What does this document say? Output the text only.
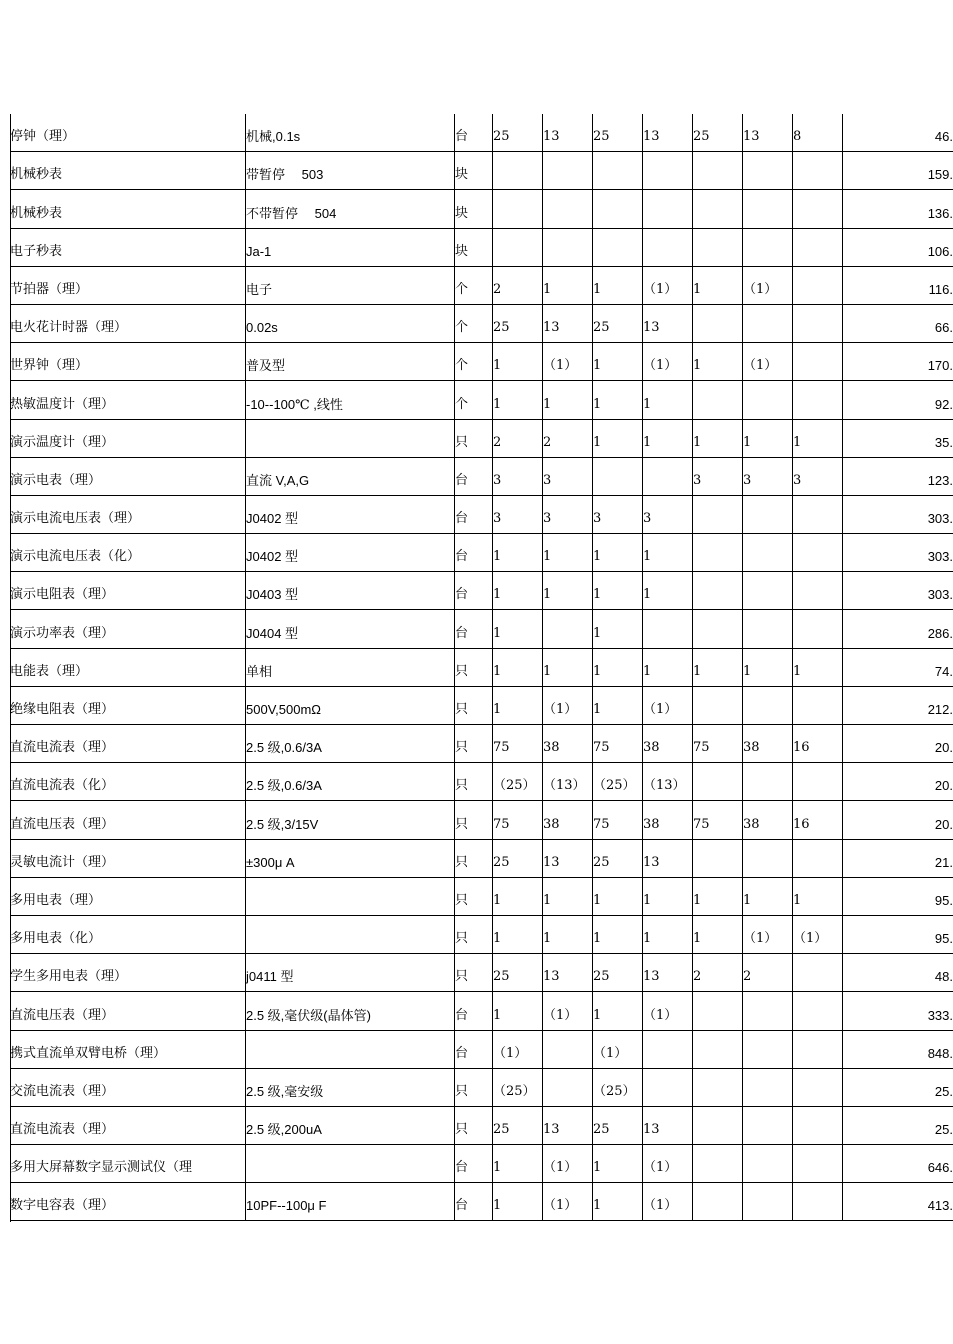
停钟（理）	机械,0.1s	台	25	13	25	13	25	13	8	46.

机械秒表	带暂停　 503	块								159.

机械秒表	不带暂停　 504	块								136.

电子秒表	Ja-1	块								106.

节拍器（理）	电子	个	2	1	1	（1）	1	（1）		116.

电火花计时器（理）	0.02s	个	25	13	25	13				66.

世界钟（理）	普及型	个	1	（1）	1	（1）	1	（1）		170.

热敏温度计（理）	-10--100℃ ,线性	个	1	1	1	1				92.

演示温度计（理）		只	2	2	1	1	1	1	1	35.

演示电表（理）	直流 V,A,G	台	3	3			3	3	3	123.

演示电流电压表（理）	J0402 型	台	3	3	3	3				303.

演示电流电压表（化）	J0402 型	台	1	1	1	1				303.

演示电阻表（理）	J0403 型	台	1	1	1	1				303.

演示功率表（理）	J0404 型	台	1		1					286.

电能表（理）	单相	只	1	1	1	1	1	1	1	74.

绝缘电阻表（理）	500V,500mΩ	只	1	（1）	1	（1）				212.

直流电流表（理）	2.5 级,0.6/3A	只	75	38	75	38	75	38	16	20.

直流电流表（化）	2.5 级,0.6/3A	只	（25）	（13）	（25）	（13）				20.

直流电压表（理）	2.5 级,3/15V	只	75	38	75	38	75	38	16	20.

灵敏电流计（理）	±300μ A	只	25	13	25	13				21.

多用电表（理）		只	1	1	1	1	1	1	1	95.

多用电表（化）		只	1	1	1	1	1	（1）	（1）	95.

学生多用电表（理）	j0411 型	只	25	13	25	13	2	2		48.

直流电压表（理）	2.5 级,毫伏级(晶体管)	台	1	（1）	1	（1）				333.

携式直流单双臂电桥（理）		台	（1）		（1）					848.

交流电流表（理）	2.5 级,毫安级	只	（25）		（25）					25.

直流电流表（理）	2.5 级,200uA	只	25	13	25	13				25.

多用大屏幕数字显示测试仪（理		台	1	（1）	1	（1）				646.

数字电容表（理）	10PF--100μ F	台	1	（1）	1	（1）				413.
